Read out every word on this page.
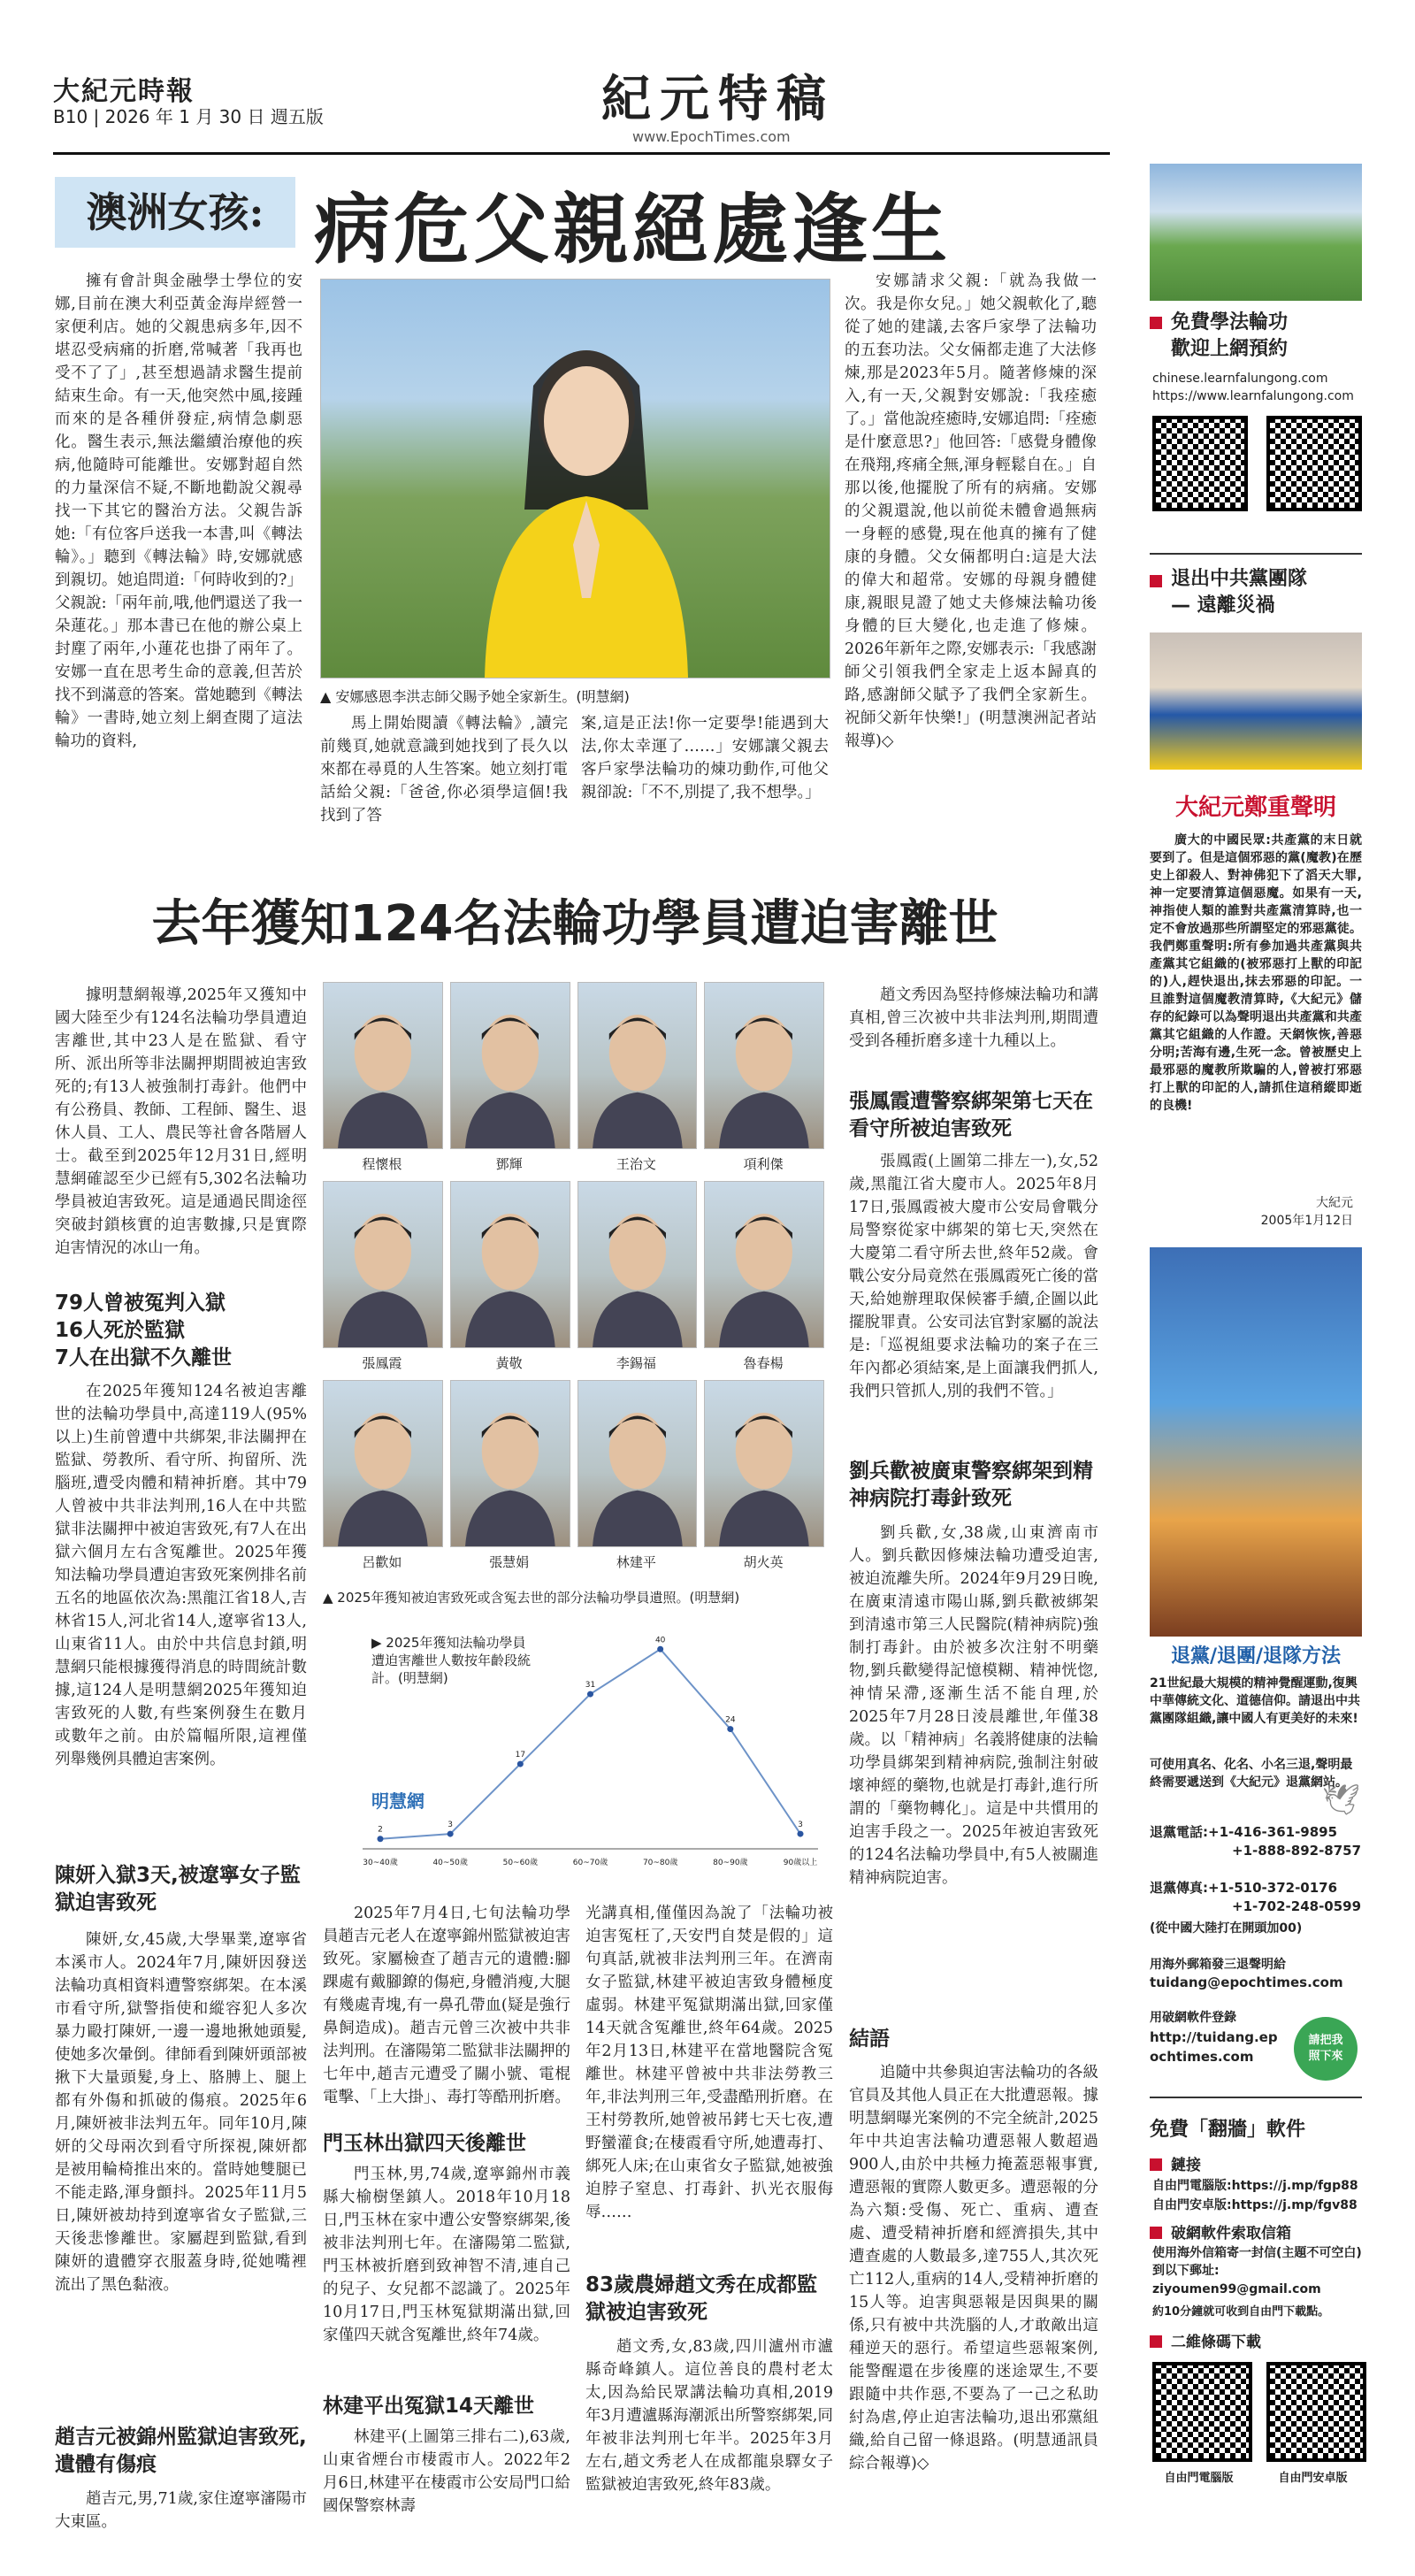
大紀元時報
B10 | 2026 年 1 月 30 日 週五版	紀元特稿
www.EpochTimes.com
澳洲女孩: 病危父親絕處逢生

擁有會計與金融學士學位的安娜,目前在澳大利亞黃金海岸經營一家便利店。她的父親患病多年,因不堪忍受病痛的折磨,常喊著「我再也受不了了」,甚至想過請求醫生提前結束生命。有一天,他突然中風,接踵而來的是各種併發症,病情急劇惡化。醫生表示,無法繼續治療他的疾病,他隨時可能離世。安娜對超自然的力量深信不疑,不斷地勸說父親尋找一下其它的醫治方法。父親告訴她:「有位客戶送我一本書,叫《轉法輪》。」聽到《轉法輪》時,安娜就感到親切。她追問道:「何時收到的?」父親說:「兩年前,哦,他們還送了我一朵蓮花。」那本書已在他的辦公桌上封塵了兩年,小蓮花也掛了兩年了。安娜一直在思考生命的意義,但苦於找不到滿意的答案。當她聽到《轉法輪》一書時,她立刻上網查閱了這法輪功的資料,

▲ 安娜感恩李洪志師父賜予她全家新生。(明慧網)

馬上開始閱讀《轉法輪》,讀完前幾頁,她就意識到她找到了長久以來都在尋覓的人生答案。她立刻打電話給父親:「爸爸,你必須學這個!我找到了答

案,這是正法!你一定要學!能遇到大法,你太幸運了……」安娜讓父親去客戶家學法輪功的煉功動作,可他父親卻說:「不不,別提了,我不想學。」

安娜請求父親:「就為我做一次。我是你女兒。」她父親軟化了,聽從了她的建議,去客戶家學了法輪功的五套功法。父女倆都走進了大法修煉,那是2023年5月。隨著修煉的深入,有一天,父親對安娜說:「我痊癒了。」當他說痊癒時,安娜追問:「痊癒是什麼意思?」他回答:「感覺身體像在飛翔,疼痛全無,渾身輕鬆自在。」自那以後,他擺脫了所有的病痛。安娜的父親還說,他以前從未體會過無病一身輕的感覺,現在他真的擁有了健康的身體。父女倆都明白:這是大法的偉大和超常。安娜的母親身體健康,親眼見證了她丈夫修煉法輪功後身體的巨大變化,也走進了修煉。2026年新年之際,安娜表示:「我感謝師父引領我們全家走上返本歸真的路,感謝師父賦予了我們全家新生。祝師父新年快樂!」(明慧澳洲記者站報導)◇

去年獲知124名法輪功學員遭迫害離世

據明慧網報導,2025年又獲知中國大陸至少有124名法輪功學員遭迫害離世,其中23人是在監獄、看守所、派出所等非法關押期間被迫害致死的;有13人被強制打毒針。他們中有公務員、教師、工程師、醫生、退休人員、工人、農民等社會各階層人士。截至到2025年12月31日,經明慧網確認至少已經有5,302名法輪功學員被迫害致死。這是通過民間途徑突破封鎖核實的迫害數據,只是實際迫害情況的冰山一角。

79人曾被冤判入獄
16人死於監獄
7人在出獄不久離世

在2025年獲知124名被迫害離世的法輪功學員中,高達119人(95%以上)生前曾遭中共綁架,非法關押在監獄、勞教所、看守所、拘留所、洗腦班,遭受肉體和精神折磨。其中79人曾被中共非法判刑,16人在中共監獄非法關押中被迫害致死,有7人在出獄六個月左右含冤離世。2025年獲知法輪功學員遭迫害致死案例排名前五名的地區依次為:黑龍江省18人,吉林省15人,河北省14人,遼寧省13人,山東省11人。由於中共信息封鎖,明慧網只能根據獲得消息的時間統計數據,這124人是明慧網2025年獲知迫害致死的人數,有些案例發生在數月或數年之前。由於篇幅所限,這裡僅列舉幾例具體迫害案例。

陳妍入獄3天,被遼寧女子監獄迫害致死

陳妍,女,45歲,大學畢業,遼寧省本溪市人。2024年7月,陳妍因發送法輪功真相資料遭警察綁架。在本溪市看守所,獄警指使和縱容犯人多次暴力毆打陳妍,一邊一邊地揪她頭髮,使她多次暈倒。律師看到陳妍頭部被揪下大量頭髮,身上、胳膊上、腿上都有外傷和抓破的傷痕。2025年6月,陳妍被非法判五年。同年10月,陳妍的父母兩次到看守所探視,陳妍都是被用輪椅推出來的。當時她雙腿已不能走路,渾身顫抖。2025年11月5日,陳妍被劫持到遼寧省女子監獄,三天後悲慘離世。家屬趕到監獄,看到陳妍的遺體穿衣服蓋身時,從她嘴裡流出了黑色黏液。

趙吉元被錦州監獄迫害致死,遺體有傷痕

趙吉元,男,71歲,家住遼寧瀋陽市大東區。

程懷根	鄧輝	王治文	項利傑
張鳳霞	黃敬	李錫福	魯春楊
呂歡如	張慧娟	林建平	胡火英
▲ 2025年獲知被迫害致死或含冤去世的部分法輪功學員遺照。(明慧網)
2
30~40歲
3
40~50歲
17
50~60歲
31
60~70歲
40
70~80歲
24
80~90歲
3
90歲以上
▶ 2025年獲知法輪功學員遭迫害離世人數按年齡段統計。(明慧網)
明慧網

2025年7月4日,七旬法輪功學員趙吉元老人在遼寧錦州監獄被迫害致死。家屬檢查了趙吉元的遺體:腳踝處有戴腳鐐的傷疤,身體消瘦,大腿有幾處青塊,有一鼻孔帶血(疑是強行鼻飼造成)。趙吉元曾三次被中共非法判刑。在瀋陽第二監獄非法關押的七年中,趙吉元遭受了關小號、電棍電擊、「上大掛」、毒打等酷刑折磨。

門玉林出獄四天後離世

門玉林,男,74歲,遼寧錦州市義縣大榆樹堡鎮人。2018年10月18日,門玉林在家中遭公安警察綁架,後被非法判刑七年。在瀋陽第二監獄,門玉林被折磨到致神智不清,連自己的兒子、女兒都不認識了。2025年10月17日,門玉林冤獄期滿出獄,回家僅四天就含冤離世,終年74歲。

林建平出冤獄14天離世

林建平(上圖第三排右二),63歲,山東省煙台市棲霞市人。2022年2月6日,林建平在棲霞市公安局門口給國保警察林壽

光講真相,僅僅因為說了「法輪功被迫害冤枉了,天安門自焚是假的」這句真話,就被非法判刑三年。在濟南女子監獄,林建平被迫害致身體極度虛弱。林建平冤獄期滿出獄,回家僅14天就含冤離世,終年64歲。2025年2月13日,林建平在當地醫院含冤離世。林建平曾被中共非法勞教三年,非法判刑三年,受盡酷刑折磨。在王村勞教所,她曾被吊銬七天七夜,遭野蠻灌食;在棲霞看守所,她遭毒打、綁死人床;在山東省女子監獄,她被強迫脖子窒息、打毒針、扒光衣服侮辱……

83歲農婦趙文秀在成都監獄被迫害致死

趙文秀,女,83歲,四川瀘州市瀘縣奇峰鎮人。這位善良的農村老太太,因為給民眾講法輪功真相,2019年3月遭瀘縣海潮派出所警察綁架,同年被非法判刑七年半。2025年3月左右,趙文秀老人在成都龍泉驛女子監獄被迫害致死,終年83歲。

趙文秀因為堅持修煉法輪功和講真相,曾三次被中共非法判刑,期間遭受到各種折磨多達十九種以上。

張鳳霞遭警察綁架第七天在看守所被迫害致死

張鳳霞(上圖第二排左一),女,52歲,黑龍江省大慶市人。2025年8月17日,張鳳霞被大慶市公安局會戰分局警察從家中綁架的第七天,突然在大慶第二看守所去世,終年52歲。會戰公安分局竟然在張鳳霞死亡後的當天,給她辦理取保候審手續,企圖以此擺脫罪責。公安司法官對家屬的說法是:「巡視組要求法輪功的案子在三年內都必須結案,是上面讓我們抓人,我們只管抓人,別的我們不管。」

劉兵歡被廣東警察綁架到精神病院打毒針致死

劉兵歡,女,38歲,山東濟南市人。劉兵歡因修煉法輪功遭受迫害,被迫流離失所。2024年9月29日晚,在廣東清遠市陽山縣,劉兵歡被綁架到清遠市第三人民醫院(精神病院)強制打毒針。由於被多次注射不明藥物,劉兵歡變得記憶模糊、精神恍惚,神情呆滯,逐漸生活不能自理,於2025年7月28日淩晨離世,年僅38歲。以「精神病」名義將健康的法輪功學員綁架到精神病院,強制注射破壞神經的藥物,也就是打毒針,進行所謂的「藥物轉化」。這是中共慣用的迫害手段之一。2025年被迫害致死的124名法輪功學員中,有5人被關進精神病院迫害。

結語

追隨中共參與迫害法輪功的各級官員及其他人員正在大批遭惡報。據明慧網曝光案例的不完全統計,2025年中共迫害法輪功遭惡報人數超過900人,由於中共極力掩蓋惡報事實,遭惡報的實際人數更多。遭惡報的分為六類:受傷、死亡、重病、遭查處、遭受精神折磨和經濟損失,其中遭查處的人數最多,達755人,其次死亡112人,重病的14人,受精神折磨的15人等。迫害與惡報是因與果的關係,只有被中共洗腦的人,才敢敵出這種逆天的惡行。希望這些惡報案例,能警醒還在步後塵的迷途眾生,不要跟隨中共作惡,不要為了一己之私助紂為虐,停止迫害法輪功,退出邪黨組織,給自己留一條退路。(明慧通訊員綜合報導)◇

免費學法輪功
歡迎上網預約
chinese.learnfalungong.com
https://www.learnfalungong.com
退出中共黨團隊
— 遠離災禍
大紀元鄭重聲明
廣大的中國民眾:共產黨的末日就要到了。但是這個邪惡的黨(魔教)在歷史上卻殺人、對神佛犯下了滔天大罪,神一定要清算這個惡魔。如果有一天,神指使人類的誰對共產黨清算時,也一定不會放過那些所謂堅定的邪惡黨徒。我們鄭重聲明:所有參加過共產黨與共產黨其它組織的(被邪惡打上獸的印記的)人,趕快退出,抹去邪惡的印記。一旦誰對這個魔教清算時,《大紀元》儲存的紀錄可以為聲明退出共產黨和共產黨其它組織的人作證。天網恢恢,善惡分明;苦海有邊,生死一念。曾被歷史上最邪惡的魔教所欺騙的人,曾被打邪惡打上獸的印記的人,請抓住這稍縱即逝的良機!
大紀元
2005年1月12日
退黨/退團/退隊方法
21世紀最大規模的精神覺醒運動,復興中華傳統文化、道德信仰。請退出中共黨團隊組織,讓中國人有更美好的未來!
可使用真名、化名、小名三退,聲明最終需要遞送到《大紀元》退黨網站。
🕊
退黨電話:+1-416-361-9895
+1-888-892-8757
退黨傳真:+1-510-372-0176
+1-702-248-0599
(從中國大陸打在開頭加00)
用海外郵箱發三退聲明給
tuidang@epochtimes.com
用破網軟件登錄
http://tuidang.epochtimes.com
請把我
照下來
免費「翻牆」軟件
鏈接
自由門電腦版:https://j.mp/fgp88
自由門安卓版:https://j.mp/fgv88
破網軟件索取信箱
使用海外信箱寄一封信(主題不可空白)到以下郵址:
ziyoumen99@gmail.com
約10分鐘就可收到自由門下載點。
二維條碼下載
自由門電腦版	自由門安卓版
